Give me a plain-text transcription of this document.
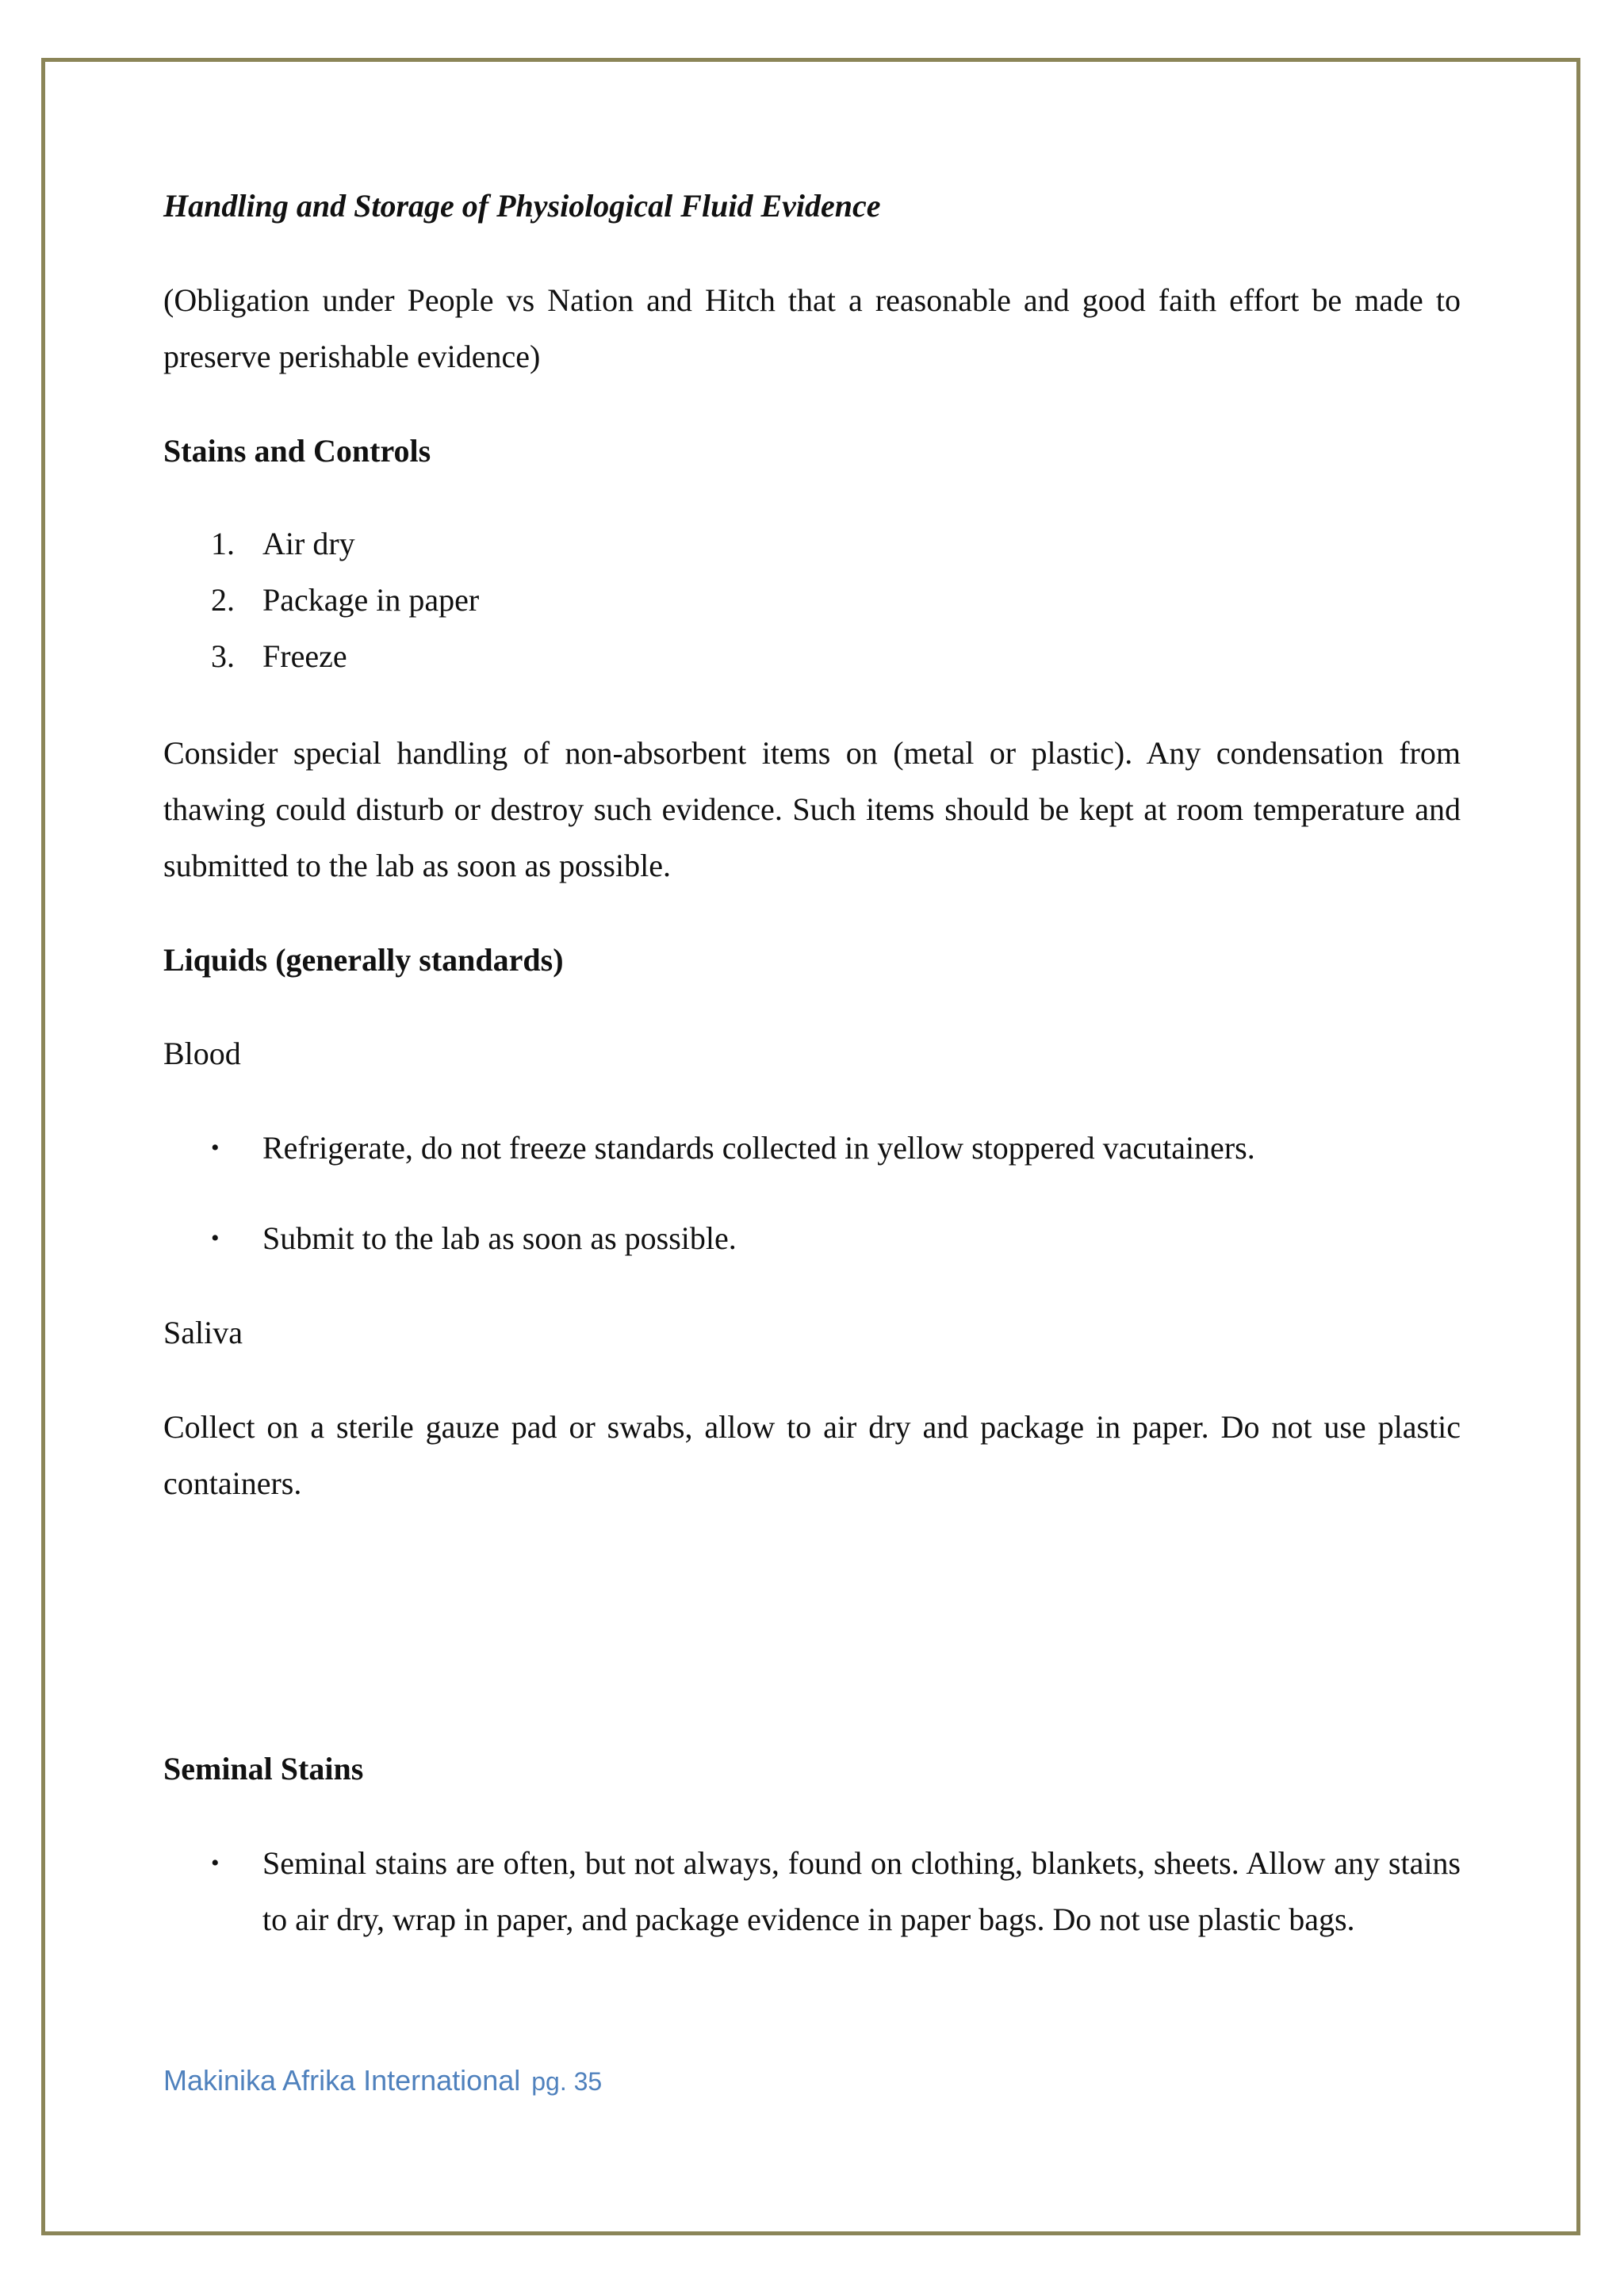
Handling and Storage of Physiological Fluid Evidence

(Obligation under People vs Nation and Hitch that a reasonable and good faith effort be made to preserve perishable evidence)

Stains and Controls

1. Air dry
2. Package in paper
3. Freeze

Consider special handling of non-absorbent items on (metal or plastic). Any condensation from thawing could disturb or destroy such evidence. Such items should be kept at room temperature and submitted to the lab as soon as possible.

Liquids (generally standards)

Blood

• Refrigerate, do not freeze standards collected in yellow stoppered vacutainers.
• Submit to the lab as soon as possible.

Saliva

Collect on a sterile gauze pad or swabs, allow to air dry and package in paper. Do not use plastic containers.

Seminal Stains

• Seminal stains are often, but not always, found on clothing, blankets, sheets. Allow any stains to air dry, wrap in paper, and package evidence in paper bags. Do not use plastic bags.
Makinika Afrika International pg. 35
